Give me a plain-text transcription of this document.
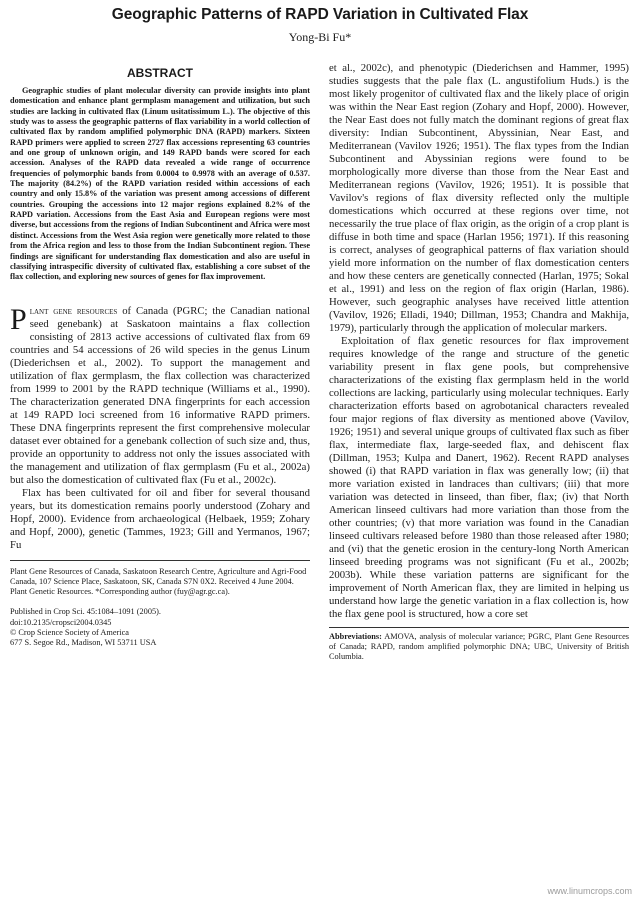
Geographic Patterns of RAPD Variation in Cultivated Flax

Yong-Bi Fu*

ABSTRACT

Geographic studies of plant molecular diversity can provide insights into plant domestication and enhance plant germplasm management and utilization, but such studies are lacking in cultivated flax (Linum usitatissimum L.). The objective of this study was to assess the geographic patterns of flax variability in a world collection of cultivated flax by random amplified polymorphic DNA (RAPD) markers. Sixteen RAPD primers were applied to screen 2727 flax accessions representing 63 countries and one group of unknown origin, and 149 RAPD bands were scored for each accession. Analyses of the RAPD data revealed a wide range of occurrence frequencies of polymorphic bands from 0.0004 to 0.9978 with an average of 0.537. The majority (84.2%) of the RAPD variation resided within accessions of each country and only 15.8% of the variation was present among accessions of different countries. Grouping the accessions into 12 major regions explained 8.2% of the RAPD variation. Accessions from the East Asia and European regions were most diverse, but accessions from the regions of Indian Subcontinent and Africa were most distinct. Accessions from the West Asia region were genetically more related to those from the Africa region and less to those from the Indian Subcontinent region. These findings are significant for understanding flax domestication and also are useful in classifying intraspecific diversity of cultivated flax, establishing a core subset of the flax collection, and exploring new sources of genes for flax improvement.

Plant gene resources of Canada (PGRC; the Canadian national seed genebank) at Saskatoon maintains a flax collection consisting of 2813 active accessions of cultivated flax from 69 countries and 54 accessions of 26 wild species in the genus Linum (Diederichsen et al., 2002). To support the management and utilization of flax germplasm, the flax collection was characterized from 1999 to 2001 by the RAPD technique (Williams et al., 1990). The characterization generated DNA fingerprints for each accession at 149 RAPD loci screened from 16 informative RAPD primers. These DNA fingerprints represent the first comprehensive molecular dataset ever obtained for a genebank collection of such size and, thus, provide an opportunity to address not only the issues associated with the management and utilization of flax germplasm (Fu et al., 2002a) but also the domestication of cultivated flax (Fu et al., 2002c).

Flax has been cultivated for oil and fiber for several thousand years, but its domestication remains poorly understood (Zohary and Hopf, 2000). Evidence from archaeological (Helbaek, 1959; Zohary and Hopf, 2000), genetic (Tammes, 1923; Gill and Yermanos, 1967; Fu

Plant Gene Resources of Canada, Saskatoon Research Centre, Agriculture and Agri-Food Canada, 107 Science Place, Saskatoon, SK, Canada S7N 0X2. Received 4 June 2004. Plant Genetic Resources. *Corresponding author (fuy@agr.gc.ca).

Published in Crop Sci. 45:1084–1091 (2005).
doi:10.2135/cropsci2004.0345
© Crop Science Society of America
677 S. Segoe Rd., Madison, WI 53711 USA

et al., 2002c), and phenotypic (Diederichsen and Hammer, 1995) studies suggests that the pale flax (L. angustifolium Huds.) is the most likely progenitor of cultivated flax and the likely place of origin was within the Near East region (Zohary and Hopf, 2000). However, the Near East does not fully match the dominant regions of great flax diversity: Indian Subcontinent, Abyssinian, Near East, and Mediterranean (Vavilov 1926; 1951). The flax types from the Indian Subcontinent and Abyssinian regions were found to be morphologically more diverse than those from the Near East and Mediterranean regions (Vavilov, 1926; 1951). It is possible that Vavilov's regions of flax diversity reflected only the multiple domestications which occurred at these regions over time, not necessarily the true place of flax origin, as the origin of a crop plant is diffuse in both time and space (Harlan 1956; 1971). If this reasoning is correct, analyses of geographical patterns of flax variation should yield more information on the number of flax domestication centers and how these centers are genetically connected (Harlan, 1975; Sokal et al., 1991) and less on the region of flax origin (Harlan, 1986). However, such geographic analyses have received little attention (Vavilov, 1926; Elladi, 1940; Dillman, 1953; Chandra and Makhija, 1979), particularly through the application of molecular markers.

Exploitation of flax genetic resources for flax improvement requires knowledge of the range and structure of the genetic variability present in flax gene pools, but comprehensive characterizations of the existing flax germplasm held in the world collections are lacking, particularly using molecular techniques. Early characterization efforts based on agrobotanical characters revealed four major regions of flax diversity as mentioned above (Vavilov, 1926; 1951) and several unique groups of cultivated flax such as fiber flax, intermediate flax, large-seeded flax, and dehiscent flax (Dillman, 1953; Kulpa and Danert, 1962). Recent RAPD analyses showed (i) that RAPD variation in flax was generally low; (ii) that more variation existed in landraces than cultivars; (iii) that more variation was detected in linseed, than fiber, flax; (iv) that North American linseed cultivars had more variation than those from the other countries; (v) that more variation was found in the Canadian linseed cultivars released before 1980 than those released after 1980; and (vi) that the genetic erosion in the century-long North American linseed breeding programs was not significant (Fu et al., 2002b; 2003b). While these variation patterns are significant for the improvement of North American flax, they are limited in helping us understand how large the genetic variation in a flax collection is, how the flax gene pool is structured, how a core set

Abbreviations: AMOVA, analysis of molecular variance; PGRC, Plant Gene Resources of Canada; RAPD, random amplified polymorphic DNA; UBC, University of British Columbia.

www.linumcrops.com
